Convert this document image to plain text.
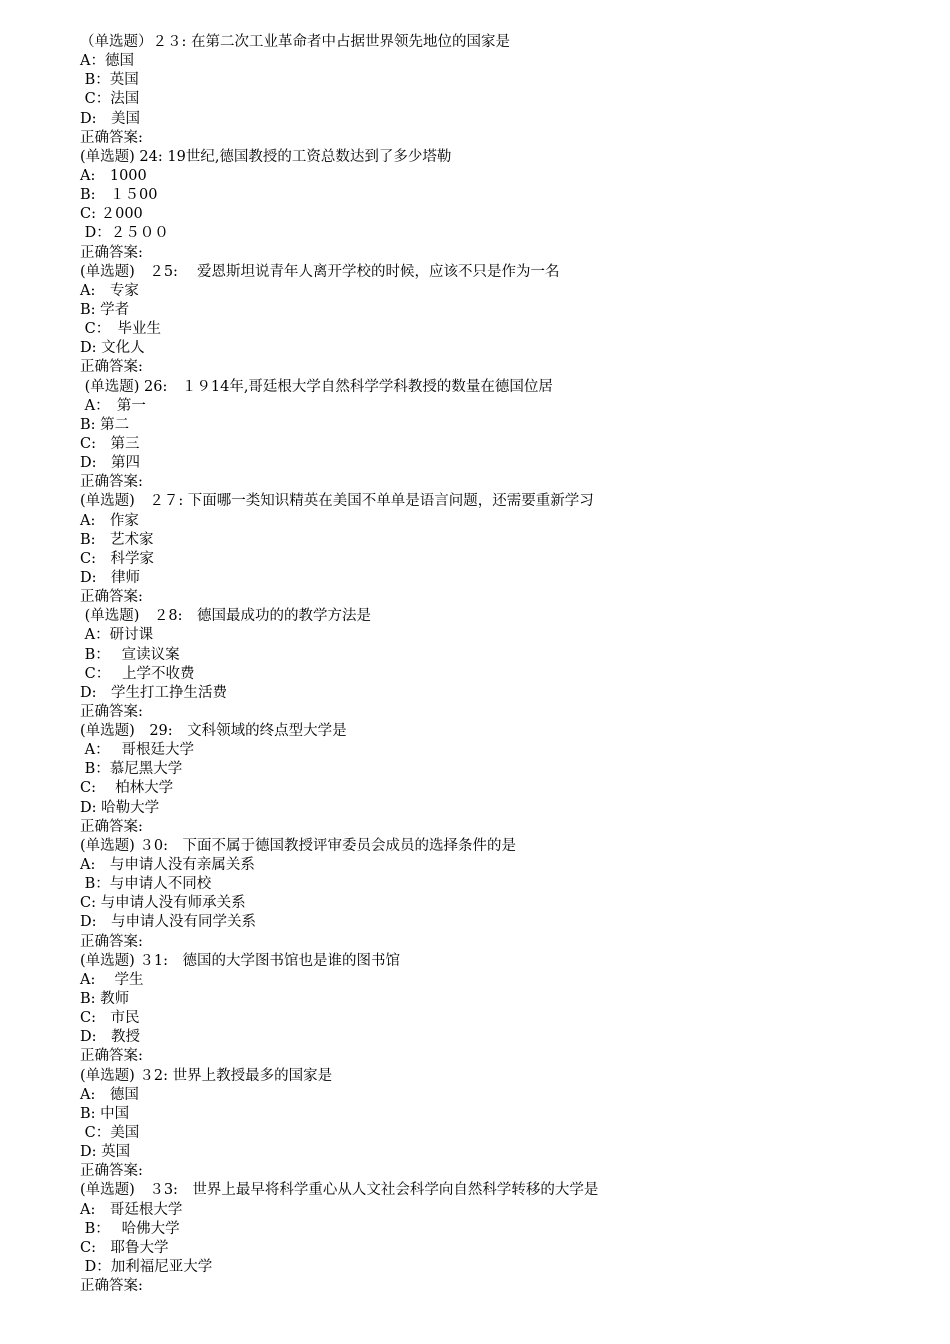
（单选题）２３: 在第二次工业革命者中占据世界领先地位的国家是
A：德国
B：英国
C：法国
D:　美国
正确答案:
(单选题) 24: 19世纪,德国教授的工资总数达到了多少塔勒
A:　1000
B:　１５00
C: ２000
D：２５００
正确答案:
(单选题)　２5:　 爱恩斯坦说青年人离开学校的时候，应该不只是作为一名
A:　专家
B: 学者
C：　毕业生
D: 文化人
正确答案:
(单选题) 26:　１９14年,哥廷根大学自然科学学科教授的数量在德国位居
A：　第一
B: 第二
C:　第三
D:　第四
正确答案:
(单选题)　２７: 下面哪一类知识精英在美国不单单是语言问题，还需要重新学习
A:　作家
B:　艺术家
C:　科学家
D:　律师
正确答案:
(单选题)　２8:　德国最成功的的教学方法是
A：研讨课
B：　 宣读议案
C：　 上学不收费
D:　学生打工挣生活费
正确答案:
(单选题)　29:　文科领域的终点型大学是
A：　 哥根廷大学
B：慕尼黑大学
C:　 柏林大学
D: 哈勒大学
正确答案:
(单选题) ３0:　下面不属于德国教授评审委员会成员的选择条件的是
A:　与申请人没有亲属关系
B：与申请人不同校
C: 与申请人没有师承关系
D:　与申请人没有同学关系
正确答案:
(单选题) ３1:　德国的大学图书馆也是谁的图书馆
A:　 学生
B: 教师
C:　市民
D:　教授
正确答案:
(单选题) ３2: 世界上教授最多的国家是
A:　德国
B: 中国
C：美国
D: 英国
正确答案:
(单选题)　３3:　世界上最早将科学重心从人文社会科学向自然科学转移的大学是
A:　哥廷根大学
B：　 哈佛大学
C:　耶鲁大学
D：加利福尼亚大学
正确答案:
